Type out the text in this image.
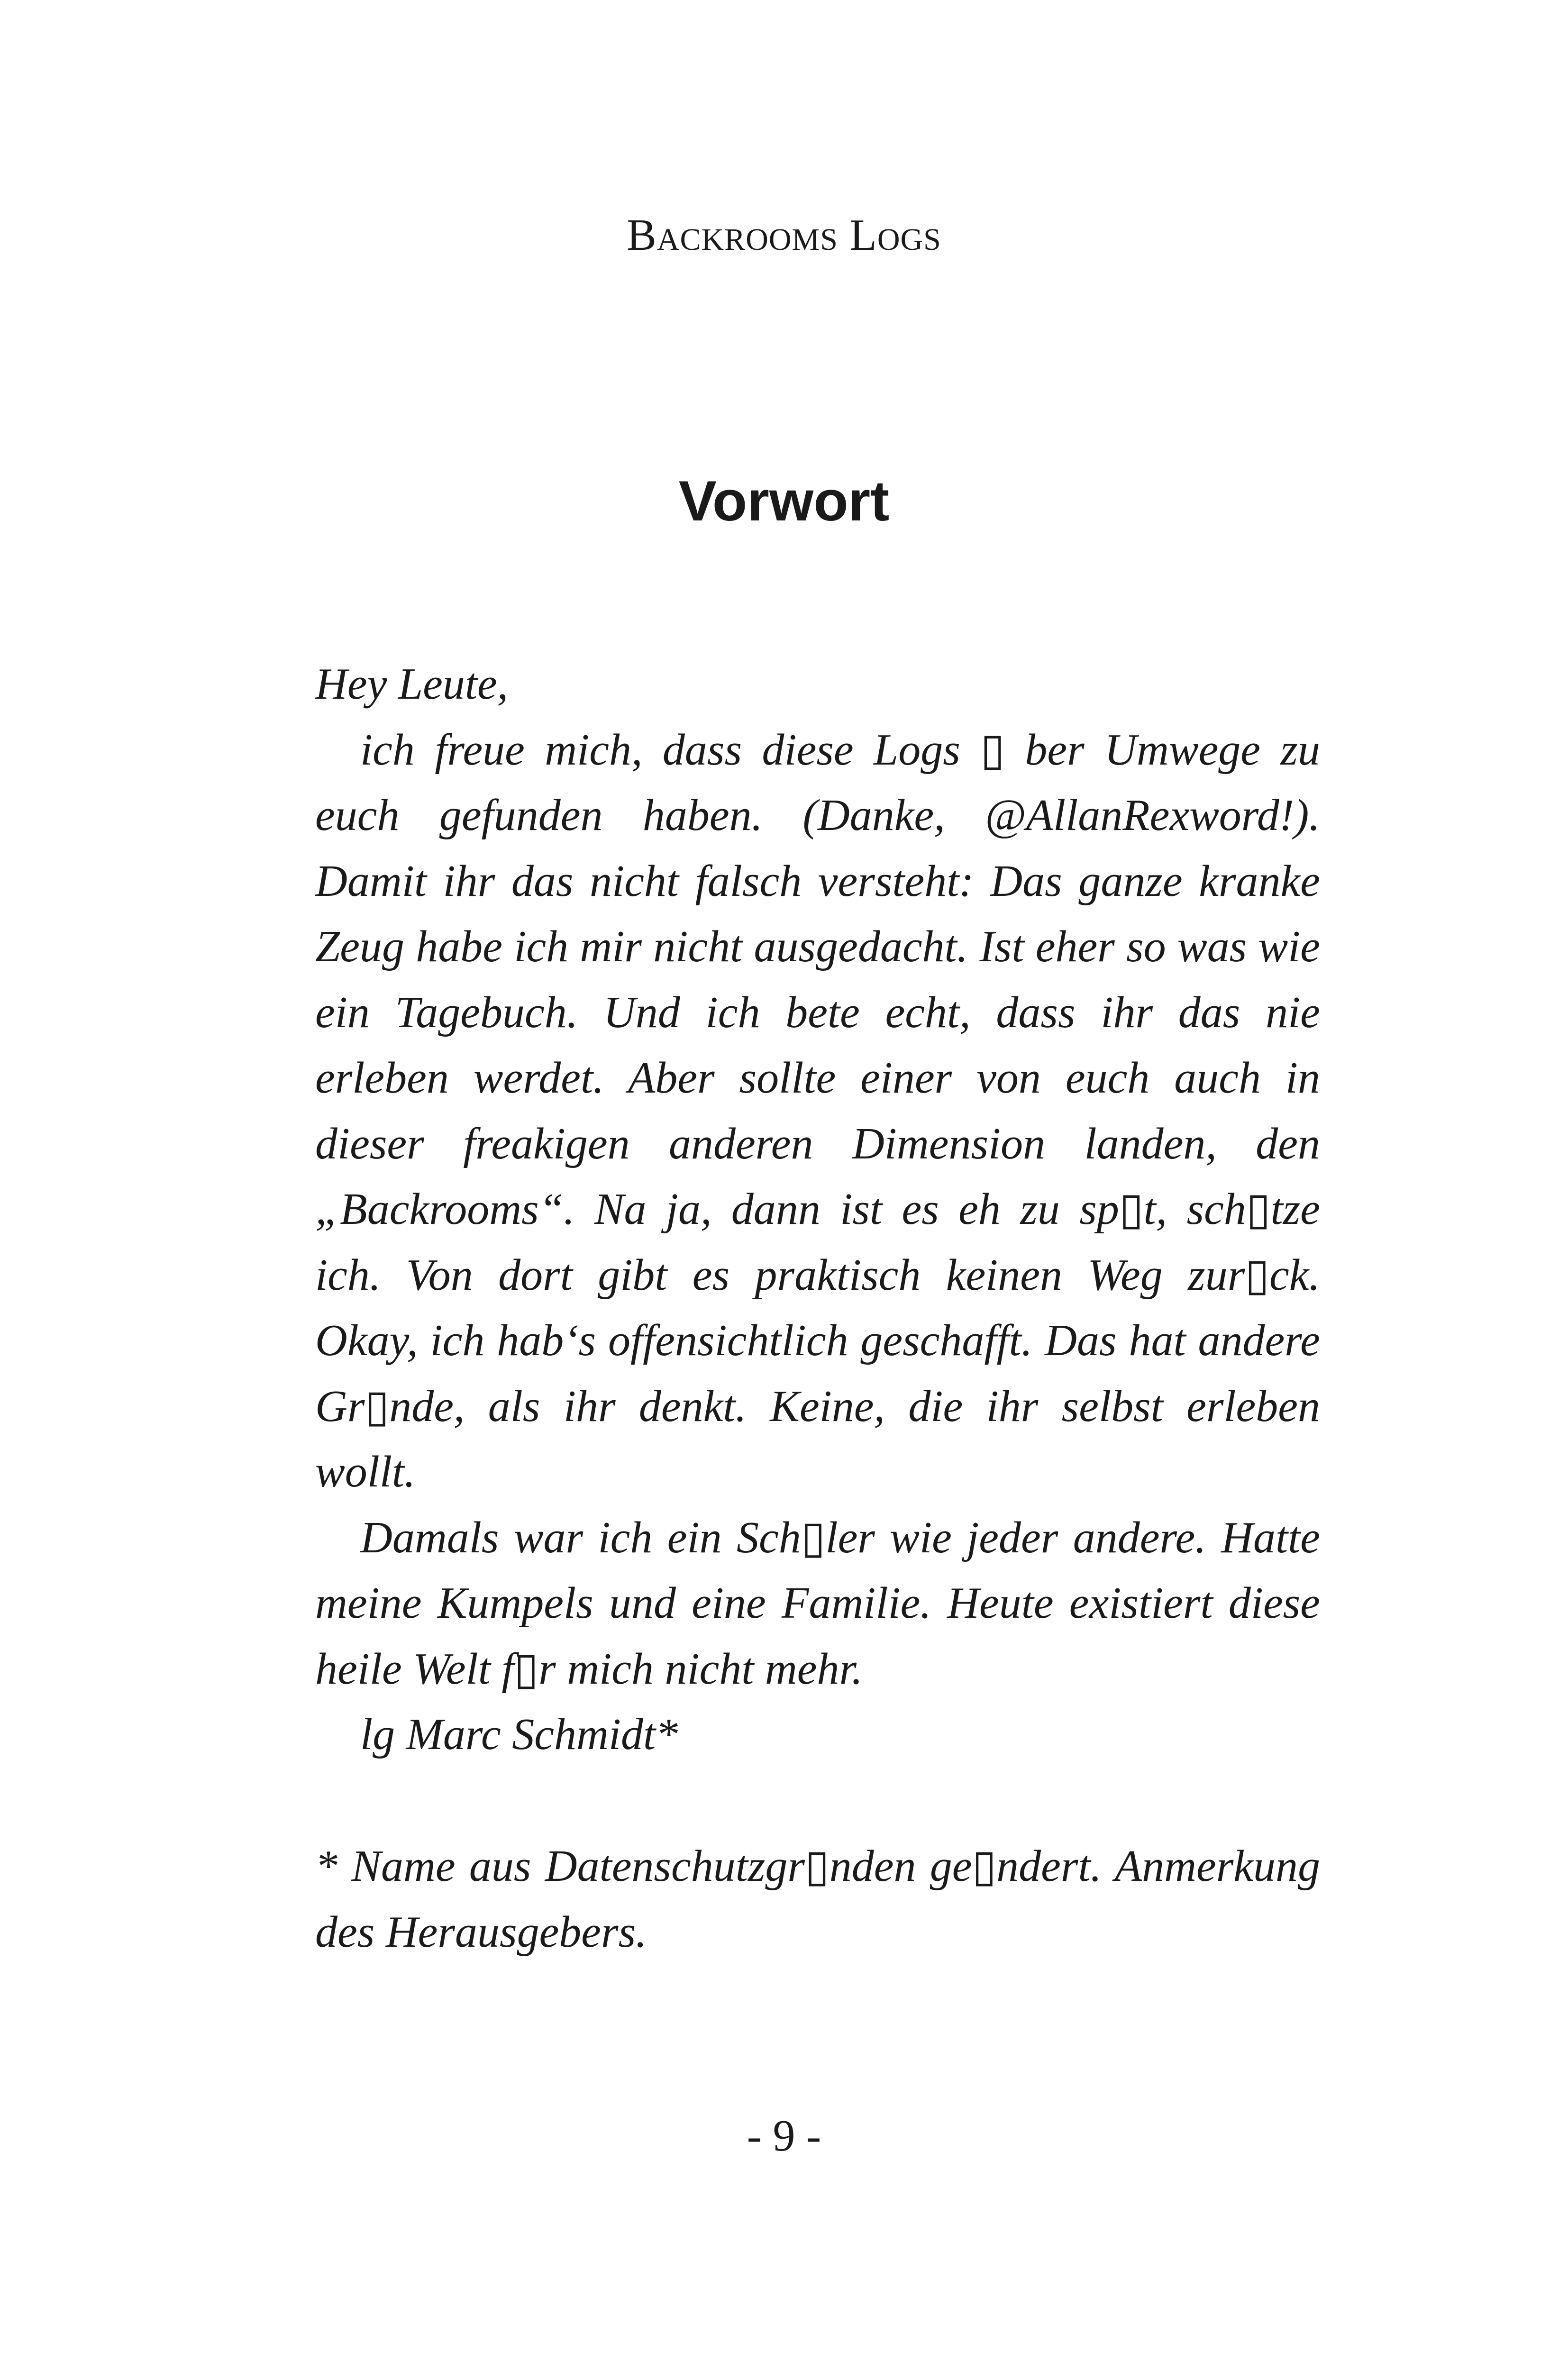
Backrooms Logs
Vorwort

Hey Leute,

ich freue mich, dass diese Logs ▯ ber Umwege zu euch gefunden haben. (Danke, @AllanRexword!). Damit ihr das nicht falsch versteht: Das ganze kranke Zeug habe ich mir nicht ausgedacht. Ist eher so was wie ein Tagebuch. Und ich bete echt, dass ihr das nie erleben werdet. Aber sollte einer von euch auch in dieser freakigen anderen Dimension landen, den „Backrooms“. Na ja, dann ist es eh zu sp▯t, sch▯tze ich. Von dort gibt es praktisch keinen Weg zur▯ck. Okay, ich hab‘s offensichtlich geschafft. Das hat andere Gr▯nde, als ihr denkt. Keine, die ihr selbst erleben wollt.

Damals war ich ein Sch▯ler wie jeder andere. Hatte meine Kumpels und eine Familie. Heute existiert diese heile Welt f▯r mich nicht mehr.

lg Marc Schmidt*

* Name aus Datenschutzgr▯nden ge▯ndert. Anmerkung des Herausgebers.

- 9 -
